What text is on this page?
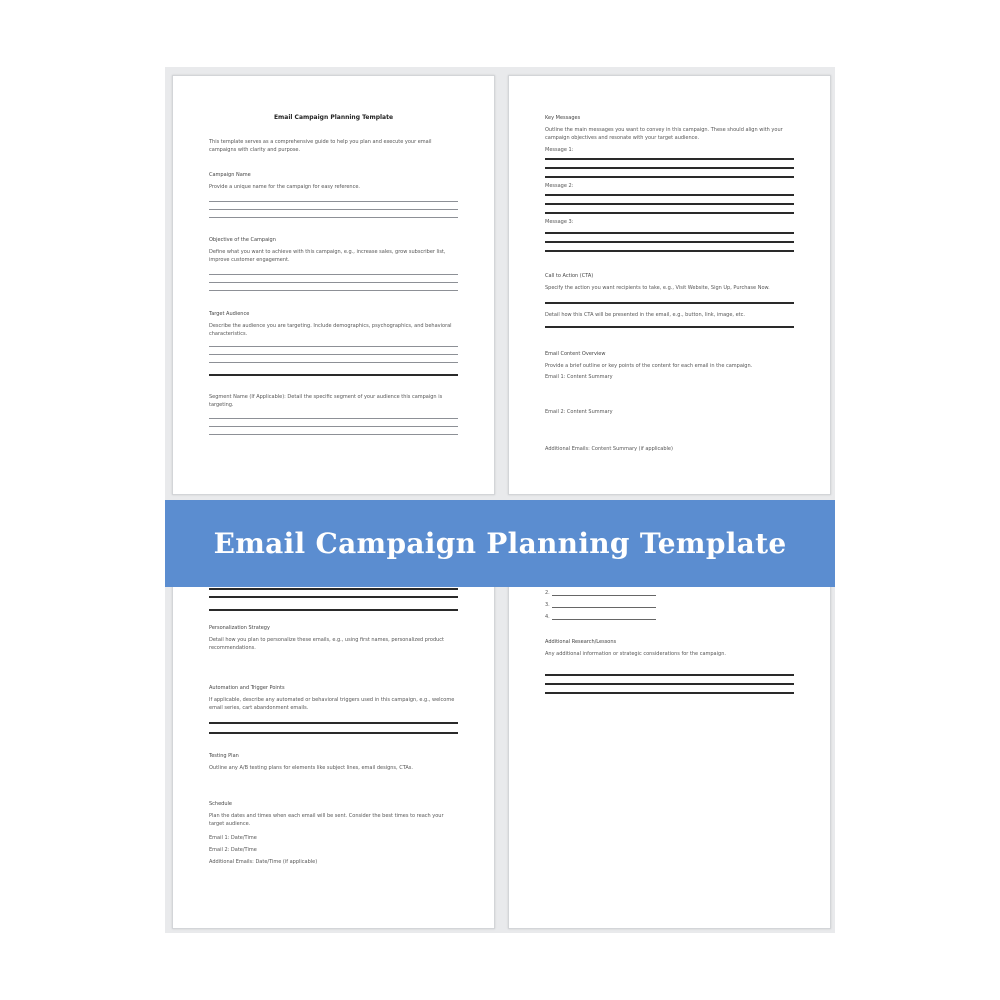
Email Campaign Planning Template
This template serves as a comprehensive guide to help you plan and execute your email campaigns with clarity and purpose.
Campaign Name
Provide a unique name for the campaign for easy reference.
Objective of the Campaign
Define what you want to achieve with this campaign, e.g., increase sales, grow subscriber list, improve customer engagement.
Target Audience
Describe the audience you are targeting. Include demographics, psychographics, and behavioral characteristics.
Segment Name (If Applicable): Detail the specific segment of your audience this campaign is targeting.
Key Messages
Outline the main messages you want to convey in this campaign. These should align with your campaign objectives and resonate with your target audience.
Message 1:
Message 2:
Message 3:
Call to Action (CTA)
Specify the action you want recipients to take, e.g., Visit Website, Sign Up, Purchase Now.
Detail how this CTA will be presented in the email, e.g., button, link, image, etc.
Email Content Overview
Provide a brief outline or key points of the content for each email in the campaign.
Email 1: Content Summary
Email 2: Content Summary
Additional Emails: Content Summary (if applicable)
Personalization Strategy
Detail how you plan to personalize these emails, e.g., using first names, personalized product recommendations.
Automation and Trigger Points
If applicable, describe any automated or behavioral triggers used in this campaign, e.g., welcome email series, cart abandonment emails.
Testing Plan
Outline any A/B testing plans for elements like subject lines, email designs, CTAs.
Schedule
Plan the dates and times when each email will be sent. Consider the best times to reach your target audience.
Email 1: Date/Time
Email 2: Date/Time
Additional Emails: Date/Time (if applicable)
2.
3.
4.
Additional Research/Lessons
Any additional information or strategic considerations for the campaign.
Email Campaign Planning Template
